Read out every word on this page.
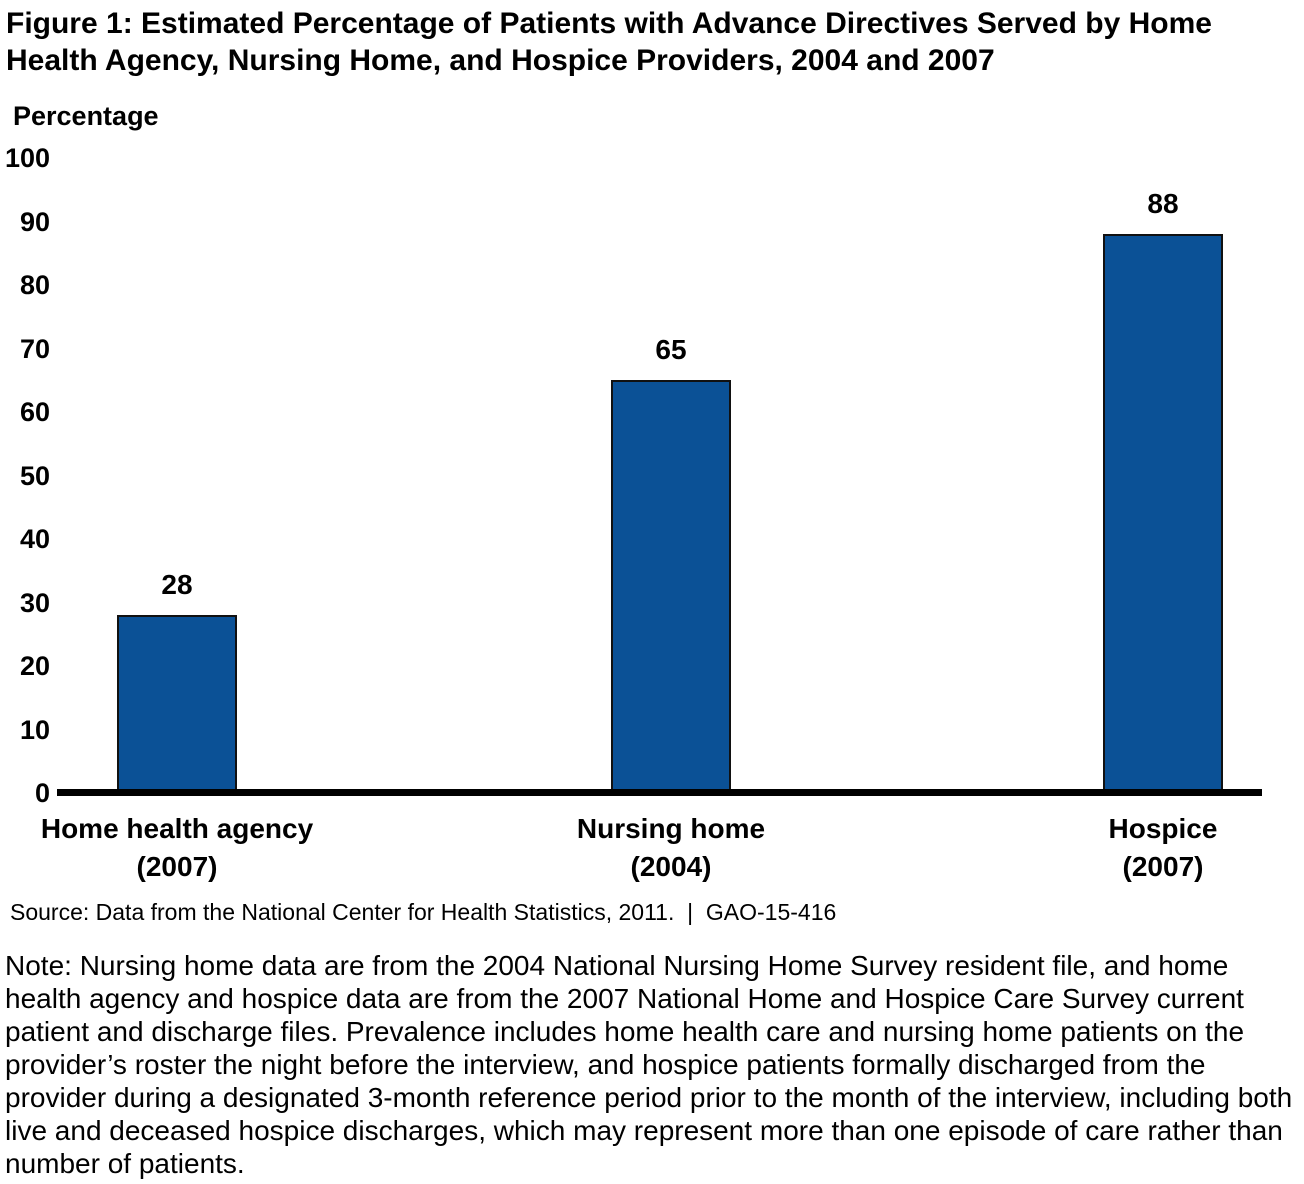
Figure 1: Estimated Percentage of Patients with Advance Directives Served by Home Health Agency, Nursing Home, and Hospice Providers, 2004 and 2007
Percentage
0
10
20
30
40
50
60
70
80
90
100
28
Home health agency
(2007)
65
Nursing home
(2004)
88
Hospice
(2007)
Source: Data from the National Center for Health Statistics, 2011.  |  GAO-15-416
Note: Nursing home data are from the 2004 National Nursing Home Survey resident file, and home health agency and hospice data are from the 2007 National Home and Hospice Care Survey current patient and discharge files. Prevalence includes home health care and nursing home patients on the provider’s roster the night before the interview, and hospice patients formally discharged from the provider during a designated 3-month reference period prior to the month of the interview, including both live and deceased hospice discharges, which may represent more than one episode of care rather than number of patients.
